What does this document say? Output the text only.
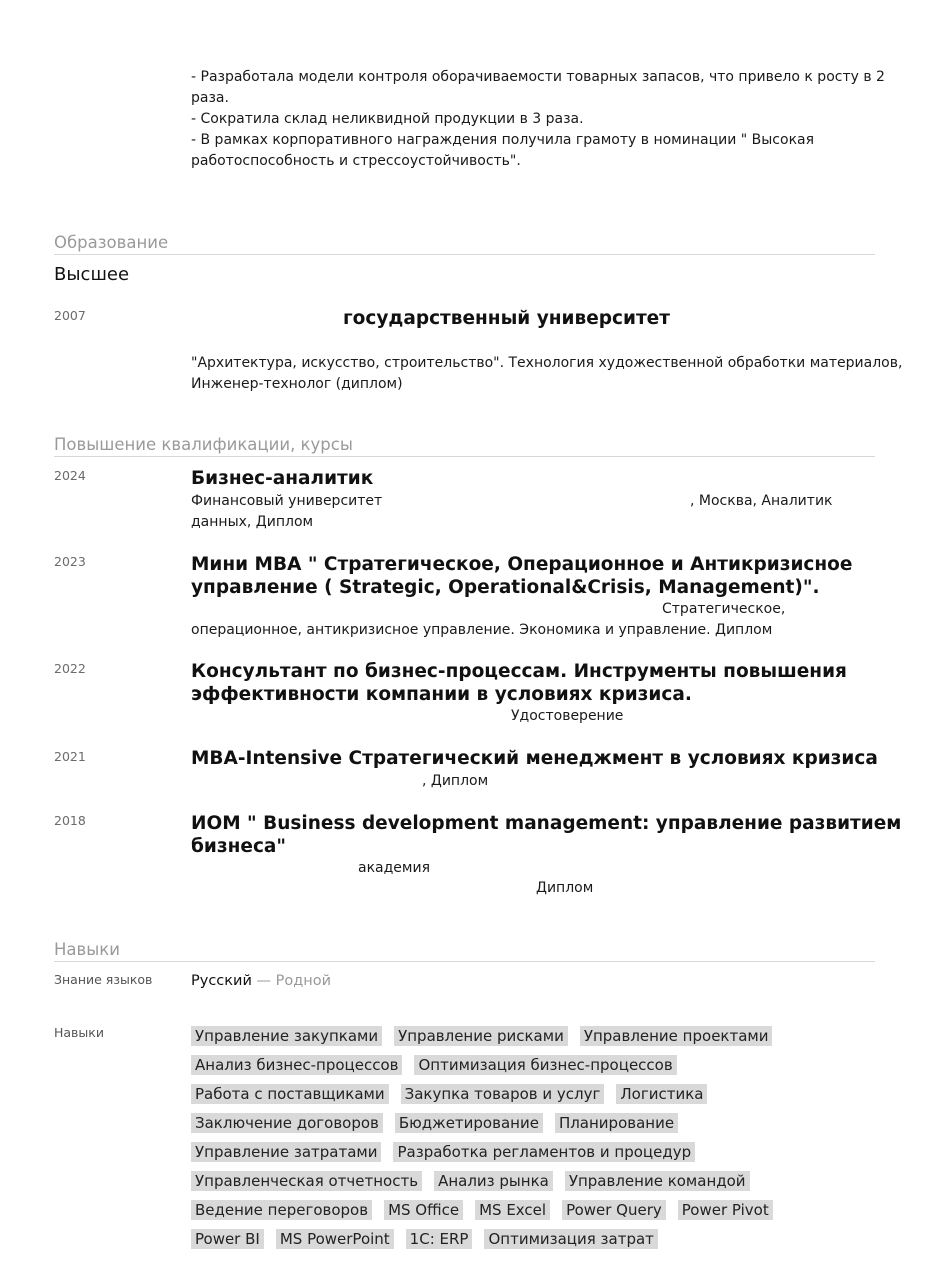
- Разработала модели контроля оборачиваемости товарных запасов, что привело к росту в 2
раза.
- Сократила склад неликвидной продукции в 3 раза.
- В рамках корпоративного награждения получила грамоту в номинации " Высокая
работоспособность и стрессоустойчивость".
Образование
Высшее
2007	государственный университет
"Архитектура, искусство, строительство". Технология художественной обработки материалов,
Инженер-технолог (диплом)
Повышение квалификации, курсы
2024	Бизнес-аналитик
Финансовый университет	, Москва, Аналитик
данных, Диплом
2023	Мини MBA " Стратегическое, Операционное и Антикризисное
управление ( Strategic, Operational&Crisis, Management)".
Стратегическое,
операционное, антикризисное управление. Экономика и управление. Диплом
2022	Консультант по бизнес-процессам. Инструменты повышения
эффективности компании в условиях кризиса.
Удостоверение
2021	MBA-Intensive Стратегический менеджмент в условиях кризиса
, Диплом
2018	ИОМ " Business development management: управление развитием
бизнеса"
академия
Диплом
Навыки
Знание языков	Русский — Родной
Навыки	Управление закупками Управление рисками Управление проектами
Анализ бизнес-процессов Оптимизация бизнес-процессов
Работа с поставщиками Закупка товаров и услуг Логистика
Заключение договоров Бюджетирование Планирование
Управление затратами Разработка регламентов и процедур
Управленческая отчетность Анализ рынка Управление командой
Ведение переговоров MS Office MS Excel Power Query Power Pivot
Power BI MS PowerPoint 1C: ERP Оптимизация затрат
